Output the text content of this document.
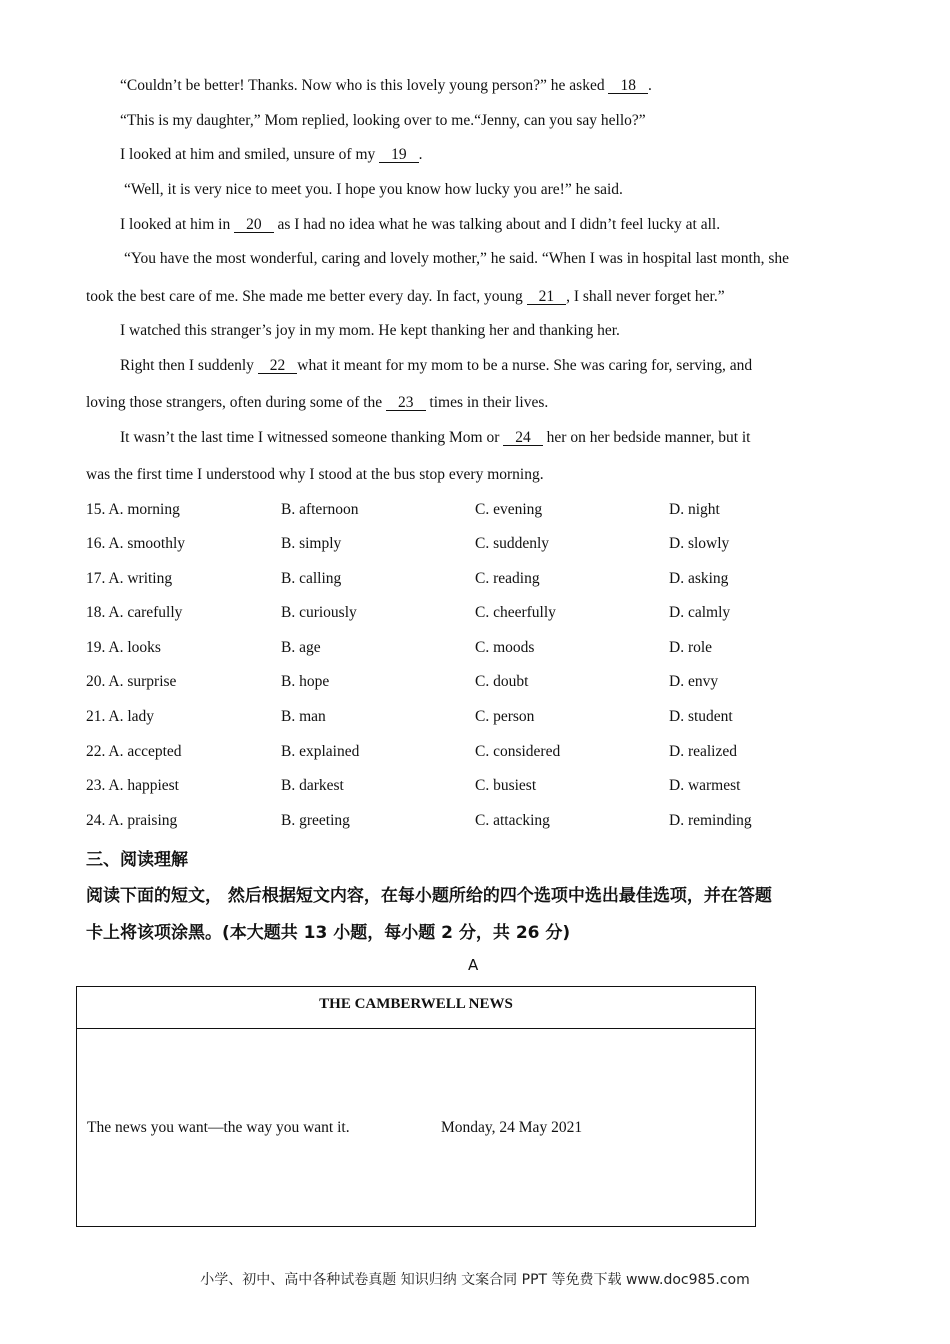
“Couldn’t be better! Thanks. Now who is this lovely young person?” he asked 18 .
“This is my daughter,” Mom replied, looking over to me.“Jenny, can you say hello?”
I looked at him and smiled, unsure of my 19 .
“Well, it is very nice to meet you. I hope you know how lucky you are!” he said.
I looked at him in 20 as I had no idea what he was talking about and I didn’t feel lucky at all.
“You have the most wonderful, caring and lovely mother,” he said. “When I was in hospital last month, she
took the best care of me. She made me better every day. In fact, young 21 , I shall never forget her.”
I watched this stranger’s joy in my mom. He kept thanking her and thanking her.
Right then I suddenly 22 what it meant for my mom to be a nurse. She was caring for, serving, and
loving those strangers, often during some of the 23 times in their lives.
It wasn’t the last time I witnessed someone thanking Mom or 24 her on her bedside manner, but it
was the first time I understood why I stood at the bus stop every morning.
15. A. morning	B. afternoon	C. evening	D. night
16. A. smoothly	B. simply	C. suddenly	D. slowly
17. A. writing	B. calling	C. reading	D. asking
18. A. carefully	B. curiously	C. cheerfully	D. calmly
19. A. looks	B. age	C. moods	D. role
20. A. surprise	B. hope	C. doubt	D. envy
21. A. lady	B. man	C. person	D. student
22. A. accepted	B. explained	C. considered	D. realized
23. A. happiest	B. darkest	C. busiest	D. warmest
24. A. praising	B. greeting	C. attacking	D. reminding
三、阅读理解
阅读下面的短文， 然后根据短文内容，在每小题所给的四个选项中选出最佳选项，并在答题
卡上将该项涂黑。(本大题共 13 小题，每小题 2 分，共 26 分)
A
THE CAMBERWELL NEWS
The news you want—the way you want it.	Monday, 24 May 2021
小学、初中、高中各种试卷真题 知识归纳 文案合同 PPT 等免费下载 www.doc985.com
